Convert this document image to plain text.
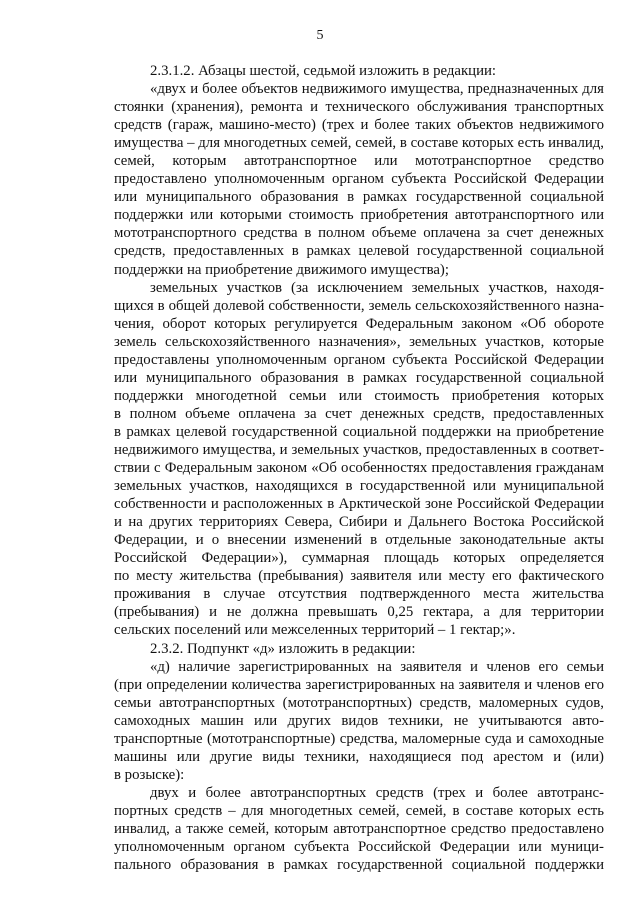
5
2.3.1.2. Абзацы шестой, седьмой изложить в редакции:
«двух и более объектов недвижимого имущества, предназначенных для
стоянки (хранения), ремонта и технического обслуживания транспортных
средств (гараж, машино-место) (трех и более таких объектов недвижимого
имущества – для многодетных семей, семей, в составе которых есть инвалид,
семей, которым автотранспортное или мототранспортное средство
предоставлено уполномоченным органом субъекта Российской Федерации
или муниципального образования в рамках государственной социальной
поддержки или которыми стоимость приобретения автотранспортного или
мототранспортного средства в полном объеме оплачена за счет денежных
средств, предоставленных в рамках целевой государственной социальной
поддержки на приобретение движимого имущества);
земельных участков (за исключением земельных участков, находя-
щихся в общей долевой собственности, земель сельскохозяйственного назна-
чения, оборот которых регулируется Федеральным законом «Об обороте
земель сельскохозяйственного назначения», земельных участков, которые
предоставлены уполномоченным органом субъекта Российской Федерации
или муниципального образования в рамках государственной социальной
поддержки многодетной семьи или стоимость приобретения которых
в полном объеме оплачена за счет денежных средств, предоставленных
в рамках целевой государственной социальной поддержки на приобретение
недвижимого имущества, и земельных участков, предоставленных в соответ-
ствии с Федеральным законом «Об особенностях предоставления гражданам
земельных участков, находящихся в государственной или муниципальной
собственности и расположенных в Арктической зоне Российской Федерации
и на других территориях Севера, Сибири и Дальнего Востока Российской
Федерации, и о внесении изменений в отдельные законодательные акты
Российской Федерации»), суммарная площадь которых определяется
по месту жительства (пребывания) заявителя или месту его фактического
проживания в случае отсутствия подтвержденного места жительства
(пребывания) и не должна превышать 0,25 гектара, а для территории
сельских поселений или межселенных территорий – 1 гектар;».
2.3.2. Подпункт «д» изложить в редакции:
«д) наличие зарегистрированных на заявителя и членов его семьи
(при определении количества зарегистрированных на заявителя и членов его
семьи автотранспортных (мототранспортных) средств, маломерных судов,
самоходных машин или других видов техники, не учитываются авто-
транспортные (мототранспортные) средства, маломерные суда и самоходные
машины или другие виды техники, находящиеся под арестом и (или)
в розыске):
двух и более автотранспортных средств (трех и более автотранс-
портных средств – для многодетных семей, семей, в составе которых есть
инвалид, а также семей, которым автотранспортное средство предоставлено
уполномоченным органом субъекта Российской Федерации или муници-
пального образования в рамках государственной социальной поддержки
